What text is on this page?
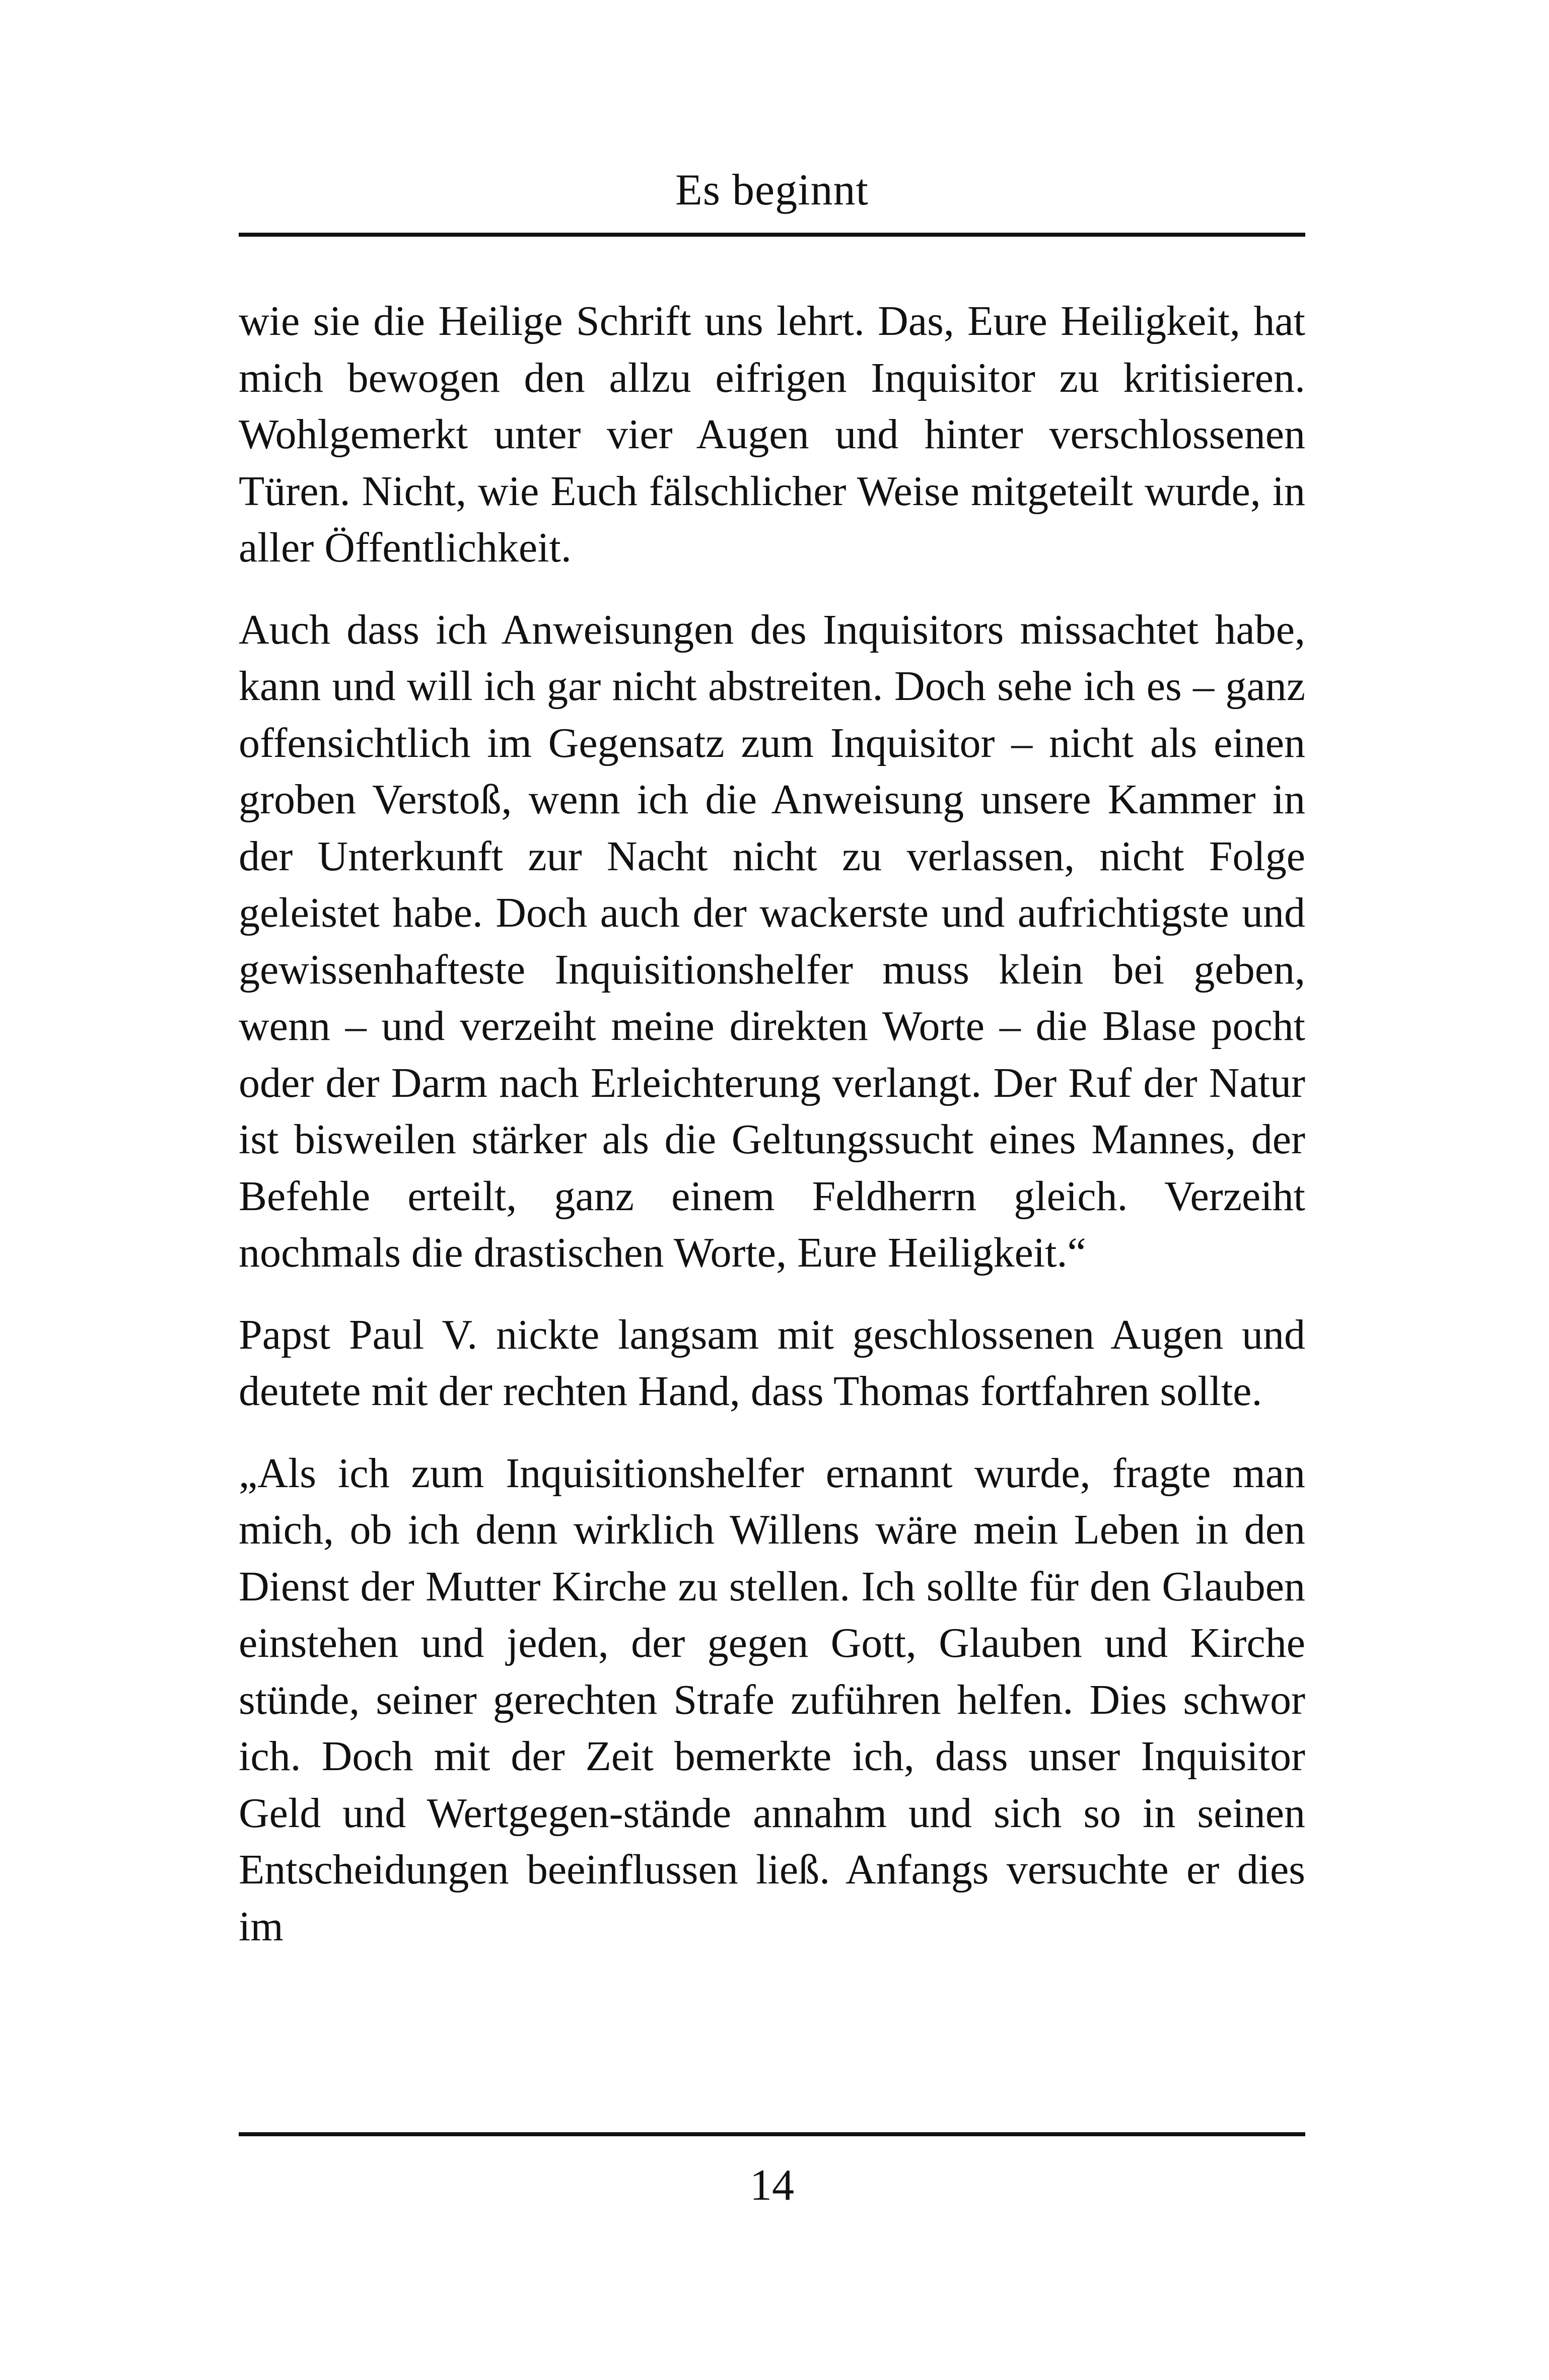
Es beginnt

wie sie die Heilige Schrift uns lehrt. Das, Eure Heiligkeit, hat mich bewogen den allzu eifrigen Inquisitor zu kritisieren. Wohlgemerkt unter vier Augen und hinter verschlossenen Türen. Nicht, wie Euch fälschlicher Weise mitgeteilt wurde, in aller Öffentlichkeit.

Auch dass ich Anweisungen des Inquisitors missachtet habe, kann und will ich gar nicht abstreiten. Doch sehe ich es – ganz offensichtlich im Gegensatz zum Inquisitor – nicht als einen groben Verstoß, wenn ich die Anweisung unsere Kammer in der Unterkunft zur Nacht nicht zu verlassen, nicht Folge geleistet habe. Doch auch der wackerste und aufrichtigste und gewissenhafteste Inquisitionshelfer muss klein bei geben, wenn – und verzeiht meine direkten Worte – die Blase pocht oder der Darm nach Erleichterung verlangt. Der Ruf der Natur ist bisweilen stärker als die Geltungssucht eines Mannes, der Befehle erteilt, ganz einem Feldherrn gleich. Verzeiht nochmals die drastischen Worte, Eure Heiligkeit.“

Papst Paul V. nickte langsam mit geschlossenen Augen und deutete mit der rechten Hand, dass Thomas fortfahren sollte.

„Als ich zum Inquisitionshelfer ernannt wurde, fragte man mich, ob ich denn wirklich Willens wäre mein Leben in den Dienst der Mutter Kirche zu stellen. Ich sollte für den Glauben einstehen und jeden, der gegen Gott, Glauben und Kirche stünde, seiner gerechten Strafe zuführen helfen. Dies schwor ich. Doch mit der Zeit bemerkte ich, dass unser Inquisitor Geld und Wertgegen-stände annahm und sich so in seinen Entscheidungen beeinflussen ließ. Anfangs versuchte er dies im

14
